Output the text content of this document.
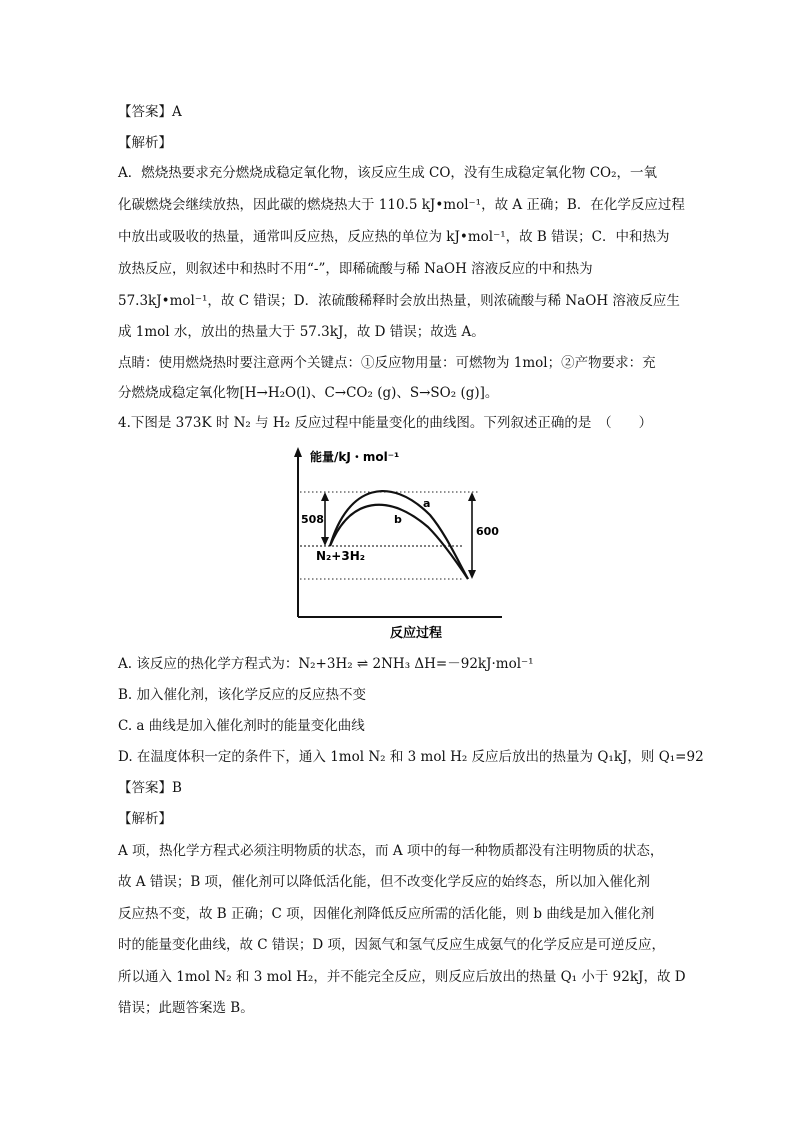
【答案】A
【解析】
A．燃烧热要求充分燃烧成稳定氧化物，该反应生成 CO，没有生成稳定氧化物 CO₂，一氧
化碳燃烧会继续放热，因此碳的燃烧热大于 110.5 kJ•mol⁻¹，故 A 正确；B．在化学反应过程
中放出或吸收的热量，通常叫反应热，反应热的单位为 kJ•mol⁻¹，故 B 错误；C．中和热为
放热反应，则叙述中和热时不用“-”，即稀硫酸与稀 NaOH 溶液反应的中和热为
57.3kJ•mol⁻¹，故 C 错误；D．浓硫酸稀释时会放出热量，则浓硫酸与稀 NaOH 溶液反应生
成 1mol 水，放出的热量大于 57.3kJ，故 D 错误；故选 A。
点睛：使用燃烧热时要注意两个关键点：①反应物用量：可燃物为 1mol；②产物要求：充
分燃烧成稳定氧化物[H→H₂O(l)、C→CO₂ (g)、S→SO₂ (g)]。
4.下图是 373K 时 N₂ 与 H₂ 反应过程中能量变化的曲线图。下列叙述正确的是　（　　）
能量/kJ・mol⁻¹
反应过程
508
600
a
b
N₂+3H₂
A. 该反应的热化学方程式为：N₂+3H₂ ⇌ 2NH₃ ΔH=－92kJ·mol⁻¹
B. 加入催化剂，该化学反应的反应热不变
C. a 曲线是加入催化剂时的能量变化曲线
D. 在温度体积一定的条件下，通入 1mol N₂ 和 3 mol H₂ 反应后放出的热量为 Q₁kJ，则 Q₁=92
【答案】B
【解析】
A 项，热化学方程式必须注明物质的状态，而 A 项中的每一种物质都没有注明物质的状态，
故 A 错误；B 项，催化剂可以降低活化能，但不改变化学反应的始终态，所以加入催化剂
反应热不变，故 B 正确；C 项，因催化剂降低反应所需的活化能，则 b 曲线是加入催化剂
时的能量变化曲线，故 C 错误；D 项，因氮气和氢气反应生成氨气的化学反应是可逆反应，
所以通入 1mol N₂ 和 3 mol H₂，并不能完全反应，则反应后放出的热量 Q₁ 小于 92kJ，故 D
错误；此题答案选 B。
